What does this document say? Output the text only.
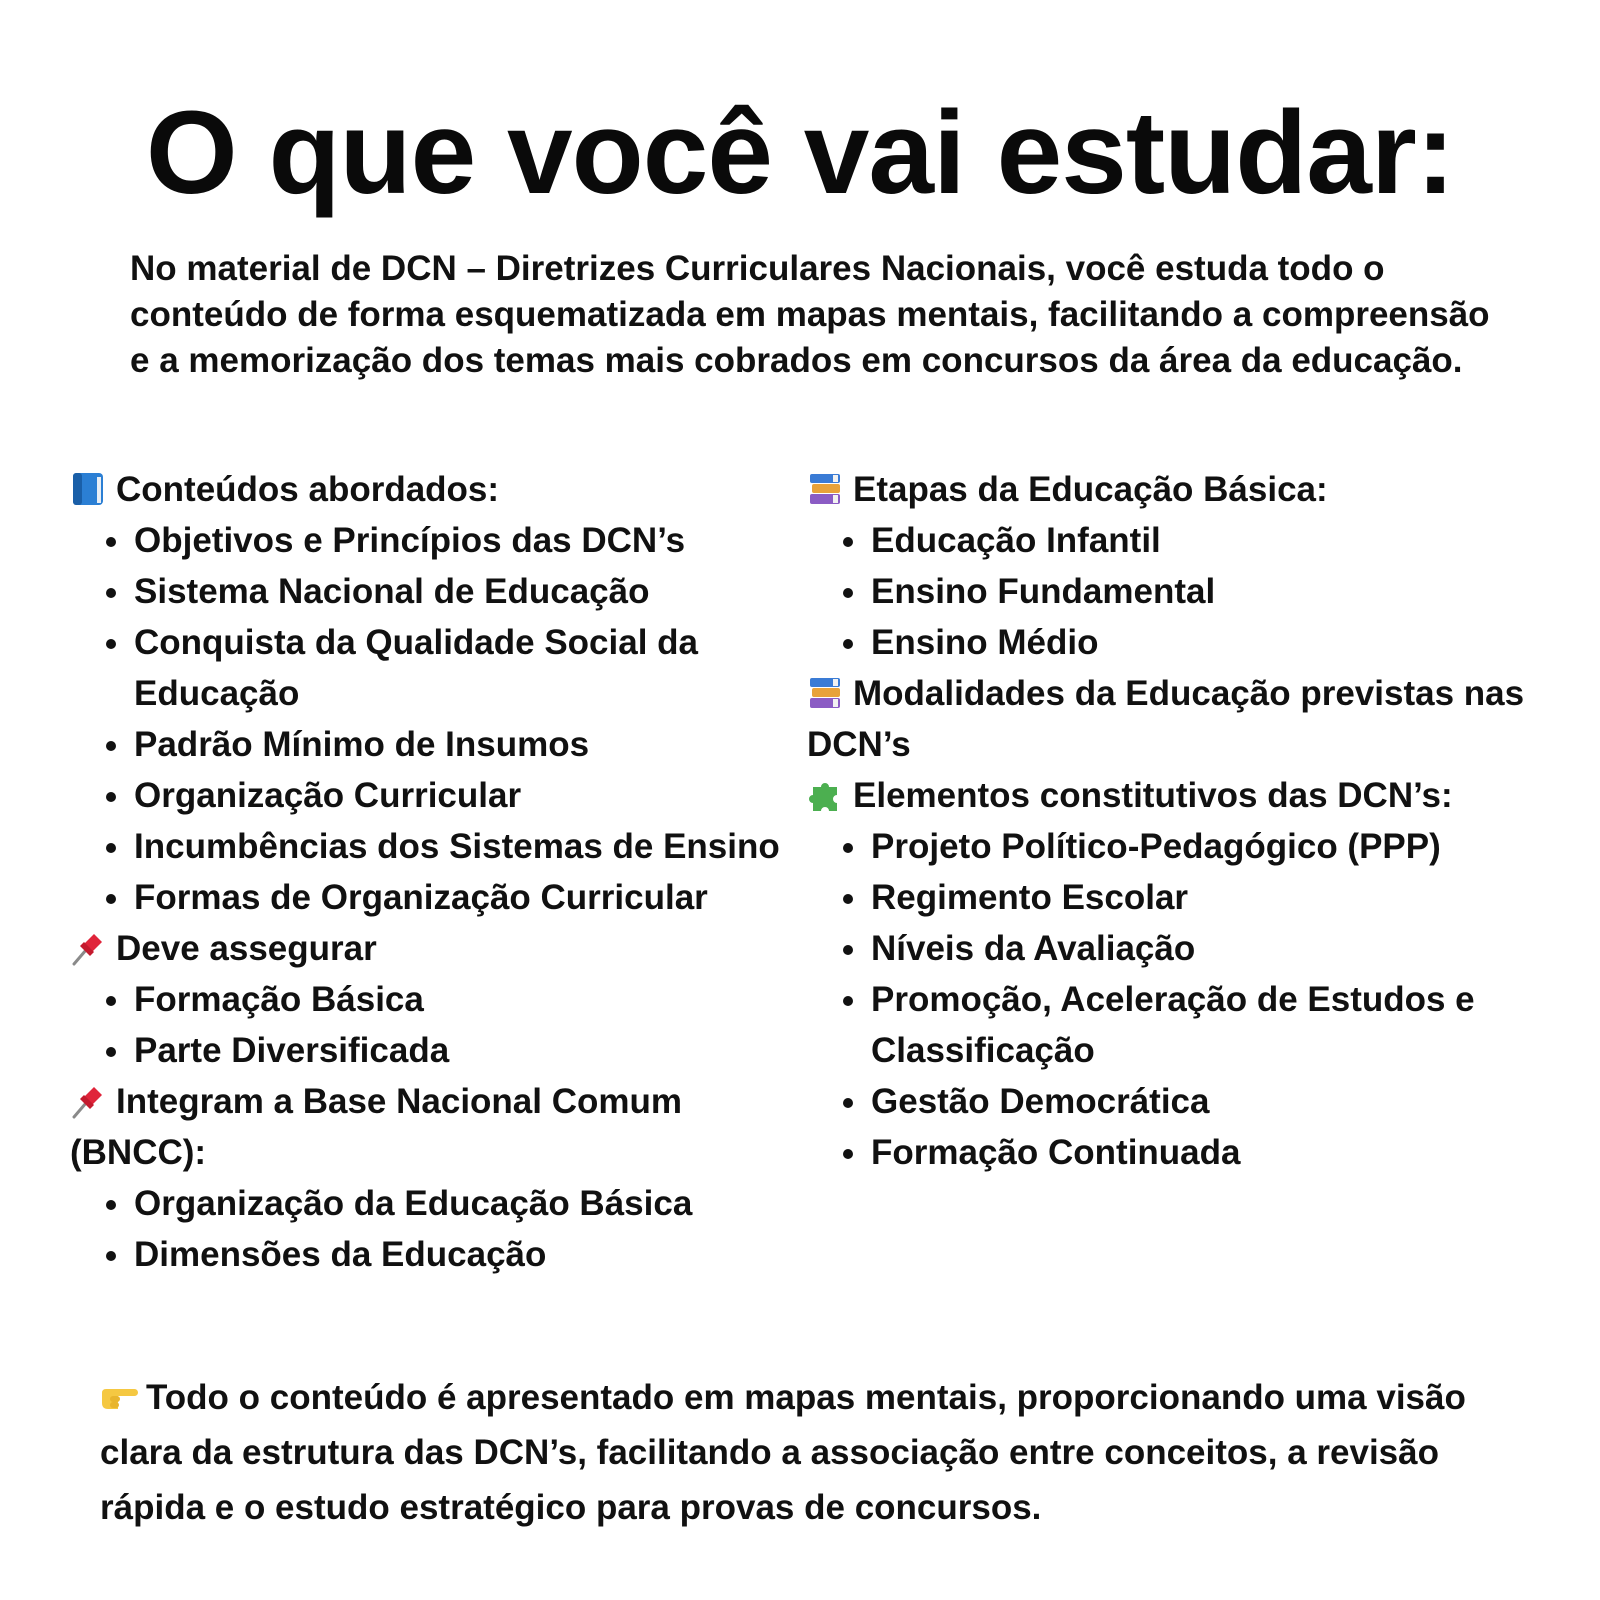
O que você vai estudar:

No material de DCN – Diretrizes Curriculares Nacionais, você estuda todo o conteúdo de forma esquematizada em mapas mentais, facilitando a compreensão e a memorização dos temas mais cobrados em concursos da área da educação.

Conteúdos abordados:
Objetivos e Princípios das DCN’s
Sistema Nacional de Educação
Conquista da Qualidade Social da Educação
Padrão Mínimo de Insumos
Organização Curricular
Incumbências dos Sistemas de Ensino
Formas de Organização Curricular
Deve assegurar
Formação Básica
Parte Diversificada
Integram a Base Nacional Comum (BNCC):
Organização da Educação Básica
Dimensões da Educação
Etapas da Educação Básica:
Educação Infantil
Ensino Fundamental
Ensino Médio
Modalidades da Educação previstas nas DCN’s
Elementos constitutivos das DCN’s:
Projeto Político-Pedagógico (PPP)
Regimento Escolar
Níveis da Avaliação
Promoção, Aceleração de Estudos e Classificação
Gestão Democrática
Formação Continuada

Todo o conteúdo é apresentado em mapas mentais, proporcionando uma visão clara da estrutura das DCN’s, facilitando a associação entre conceitos, a revisão rápida e o estudo estratégico para provas de concursos.
